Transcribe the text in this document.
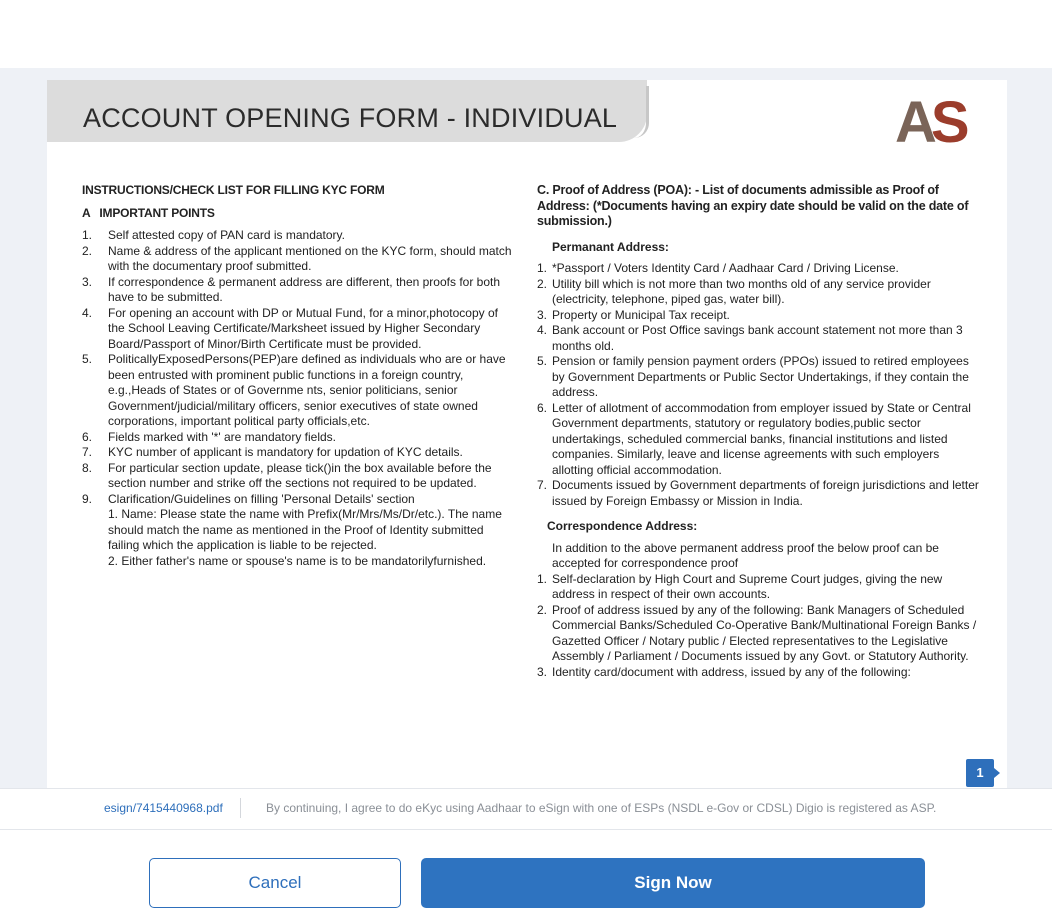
ACCOUNT OPENING FORM - INDIVIDUAL	AS
INSTRUCTIONS/CHECK LIST FOR FILLING KYC FORM
A   IMPORTANT POINTS
1. Self attested copy of PAN card is mandatory.
2. Name & address of the applicant mentioned on the KYC form, should match with the documentary proof submitted.
3. If correspondence & permanent address are different, then proofs for both have to be submitted.
4. For opening an account with DP or Mutual Fund, for a minor,photocopy of the School Leaving Certificate/Marksheet issued by Higher Secondary Board/Passport of Minor/Birth Certificate must be provided.
5. PoliticallyExposedPersons(PEP)are defined as individuals who are or have been entrusted with prominent public functions in a foreign country, e.g.,Heads of States or of Governme nts, senior politicians, senior Government/judicial/military officers, senior executives of state owned corporations, important political party officials,etc.
6. Fields marked with '*' are mandatory fields.
7. KYC number of applicant is mandatory for updation of KYC details.
8. For particular section update, please tick()in the box available before the section number and strike off the sections not required to be updated.
9. Clarification/Guidelines on filling 'Personal Details' section
1. Name: Please state the name with Prefix(Mr/Mrs/Ms/Dr/etc.). The name should match the name as mentioned in the Proof of Identity submitted failing which the application is liable to be rejected.
2. Either father's name or spouse's name is to be mandatorilyfurnished.
C. Proof of Address (POA): - List of documents admissible as Proof of Address: (*Documents having an expiry date should be valid on the date of submission.)
Permanant Address:
1. *Passport / Voters Identity Card / Aadhaar Card / Driving License.
2. Utility bill which is not more than two months old of any service provider (electricity, telephone, piped gas, water bill).
3. Property or Municipal Tax receipt.
4. Bank account or Post Office savings bank account statement not more than 3 months old.
5. Pension or family pension payment orders (PPOs) issued to retired employees by Government Departments or Public Sector Undertakings, if they contain the address.
6. Letter of allotment of accommodation from employer issued by State or Central Government departments, statutory or regulatory bodies,public sector undertakings, scheduled commercial banks, financial institutions and listed companies. Similarly, leave and license agreements with such employers allotting official accommodation.
7. Documents issued by Government departments of foreign jurisdictions and letter issued by Foreign Embassy or Mission in India.
Correspondence Address:
In addition to the above permanent address proof the below proof can be accepted for correspondence proof
1. Self-declaration by High Court and Supreme Court judges, giving the new address in respect of their own accounts.
2. Proof of address issued by any of the following: Bank Managers of Scheduled Commercial Banks/Scheduled Co-Operative Bank/Multinational Foreign Banks / Gazetted Officer / Notary public / Elected representatives to the Legislative Assembly / Parliament / Documents issued by any Govt. or Statutory Authority.
3. Identity card/document with address, issued by any of the following:
1
esign/7415440968.pdf	By continuing, I agree to do eKyc using Aadhaar to eSign with one of ESPs (NSDL e-Gov or CDSL) Digio is registered as ASP.
Cancel	Sign Now
